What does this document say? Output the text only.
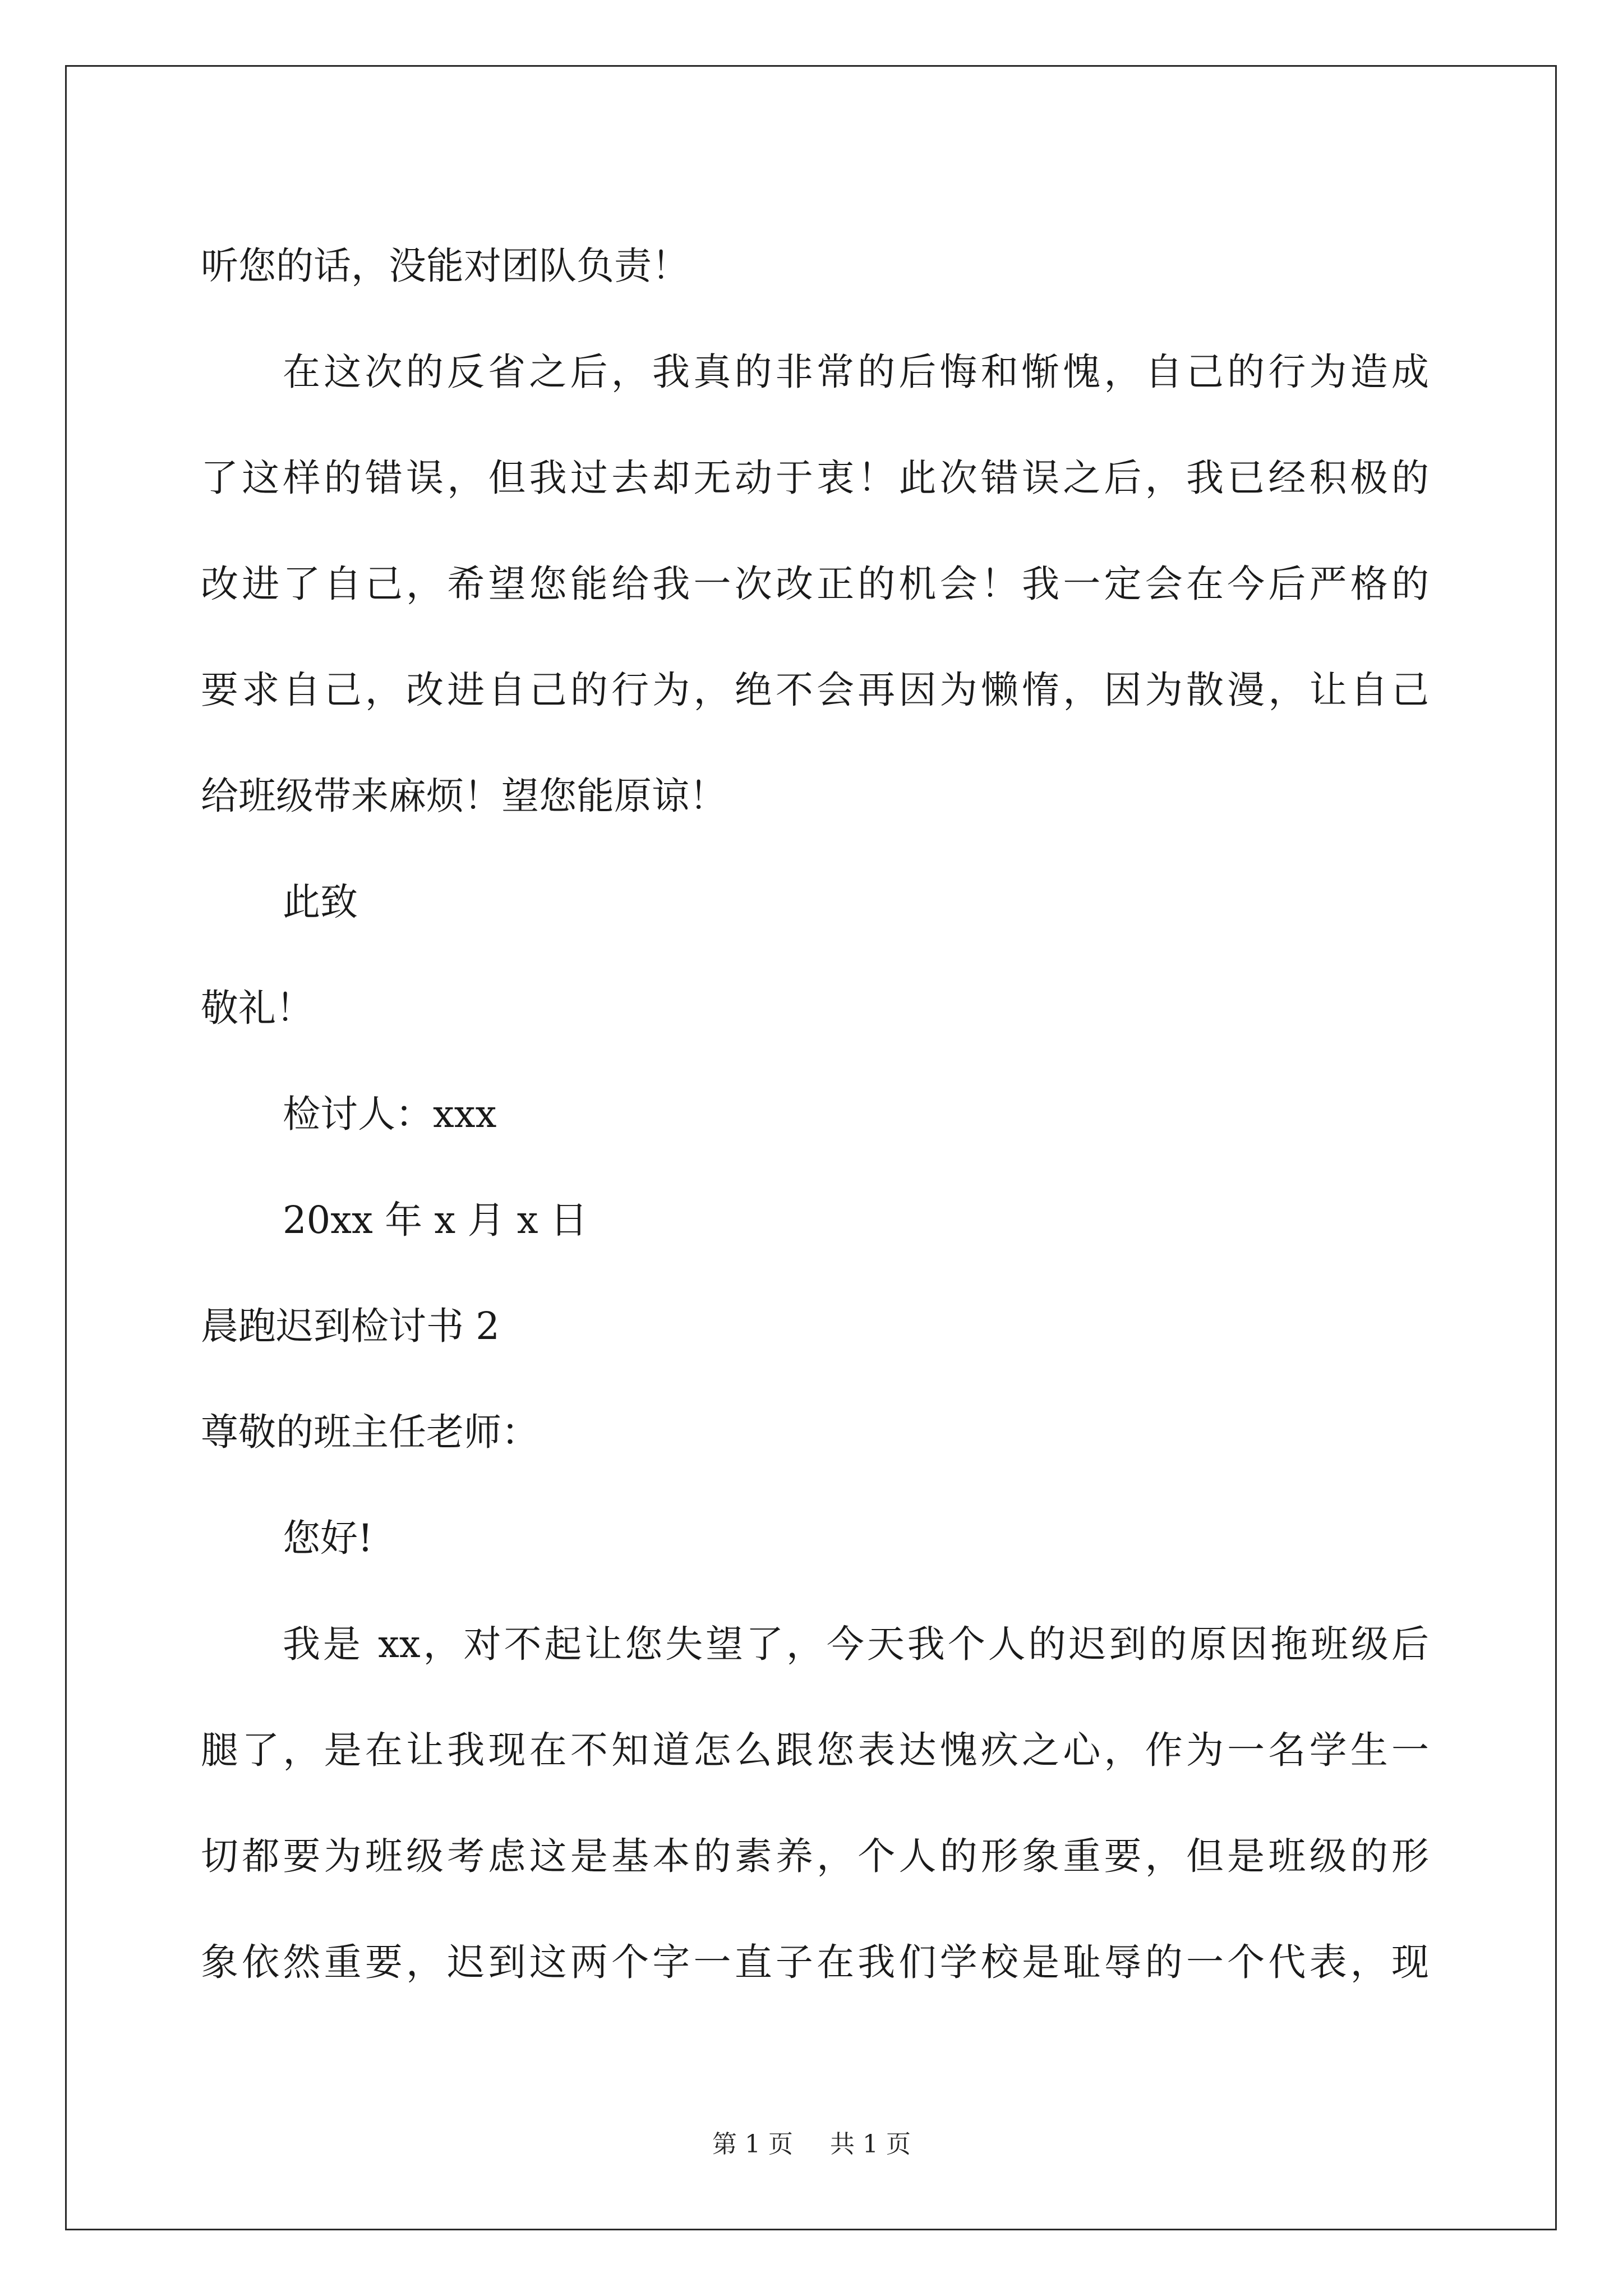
听您的话，没能对团队负责！

在这次的反省之后，我真的非常的后悔和惭愧，自己的行为造成

了这样的错误，但我过去却无动于衷！此次错误之后，我已经积极的

改进了自己，希望您能给我一次改正的机会！我一定会在今后严格的

要求自己，改进自己的行为，绝不会再因为懒惰，因为散漫，让自己

给班级带来麻烦！望您能原谅！

此致

敬礼！

检讨人：xxx

20xx 年 x 月 x 日

晨跑迟到检讨书 2

尊敬的班主任老师：

您好!

我是 xx，对不起让您失望了，今天我个人的迟到的原因拖班级后

腿了，是在让我现在不知道怎么跟您表达愧疚之心，作为一名学生一

切都要为班级考虑这是基本的素养，个人的形象重要，但是班级的形

象依然重要，迟到这两个字一直子在我们学校是耻辱的一个代表，现

第 1 页 共 1 页
